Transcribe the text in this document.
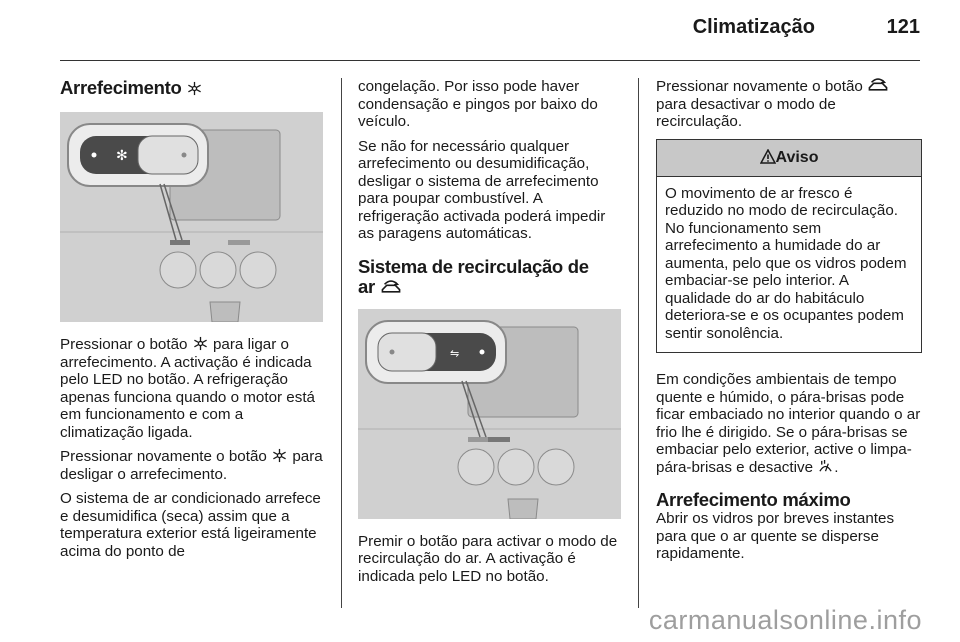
Climatização	121
Arrefecimento
✻

Pressionar o botão para ligar o arrefecimento. A activação é indicada pelo LED no botão. A refrigeração apenas funciona quando o motor está em funcionamento e com a climatização ligada.

Pressionar novamente o botão para desligar o arrefecimento.

O sistema de ar condicionado arrefece e desumidifica (seca) assim que a temperatura exterior está ligeiramente acima do ponto de

congelação. Por isso pode haver condensação e pingos por baixo do veículo.

Se não for necessário qualquer arrefecimento ou desumidificação, desligar o sistema de arrefecimento para poupar combustível. A refrigeração activada poderá impedir as paragens automáticas.

Sistema de recirculação de
ar
⇋

Premir o botão para activar o modo de recirculação do ar. A activação é indicada pelo LED no botão.

Pressionar novamente o botão  para desactivar o modo de recirculação.

Aviso
O movimento de ar fresco é reduzido no modo de recirculação. No funcionamento sem arrefecimento a humidade do ar aumenta, pelo que os vidros podem embaciar-se pelo interior. A qualidade do ar do habitáculo deteriora-se e os ocupantes podem sentir sonolência.

Em condições ambientais de tempo quente e húmido, o pára-brisas pode ficar embaciado no interior quando o ar frio lhe é dirigido. Se o pára-brisas se embaciar pelo exterior, active o limpa-pára-brisas e desactive .

Arrefecimento máximo

Abrir os vidros por breves instantes para que o ar quente se disperse rapidamente.

carmanualsonline.info
